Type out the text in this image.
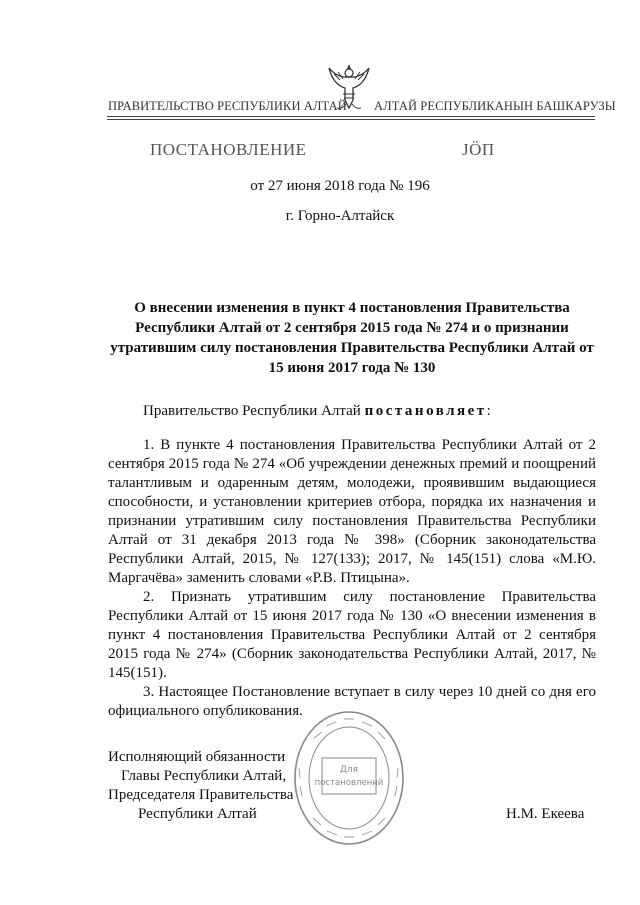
ПРАВИТЕЛЬСТВО РЕСПУБЛИКИ АЛТАЙ АЛТАЙ РЕСПУБЛИКАНЫН БАШКАРУЗЫ
ПОСТАНОВЛЕНИЕ	ЈÖП
от 27 июня 2018 года № 196
г. Горно-Алтайск
О внесении изменения в пункт 4 постановления Правительства Республики Алтай от 2 сентября 2015 года № 274 и о признании утратившим силу постановления Правительства Республики Алтай от 15 июня 2017 года № 130
Правительство Республики Алтай постановляет:

1. В пункте 4 постановления Правительства Республики Алтай от 2 сентября 2015 года № 274 «Об учреждении денежных премий и поощрений талантливым и одаренным детям, молодежи, проявившим выдающиеся способности, и установлении критериев отбора, порядка их назначения и признании утратившим силу постановления Правительства Республики Алтай от 31 декабря 2013 года № 398» (Сборник законодательства Республики Алтай, 2015, № 127(133); 2017, № 145(151) слова «М.Ю. Маргачёва» заменить словами «Р.В. Птицына».

2. Признать утратившим силу постановление Правительства Республики Алтай от 15 июня 2017 года № 130 «О внесении изменения в пункт 4 постановления Правительства Республики Алтай от 2 сентября 2015 года № 274» (Сборник законодательства Республики Алтай, 2017, № 145(151).

3. Настоящее Постановление вступает в силу через 10 дней со дня его официального опубликования.

Для
постановлений
Исполняющий обязанности
Главы Республики Алтай,
Председателя Правительства
Республики Алтай	Н.М. Екеева
